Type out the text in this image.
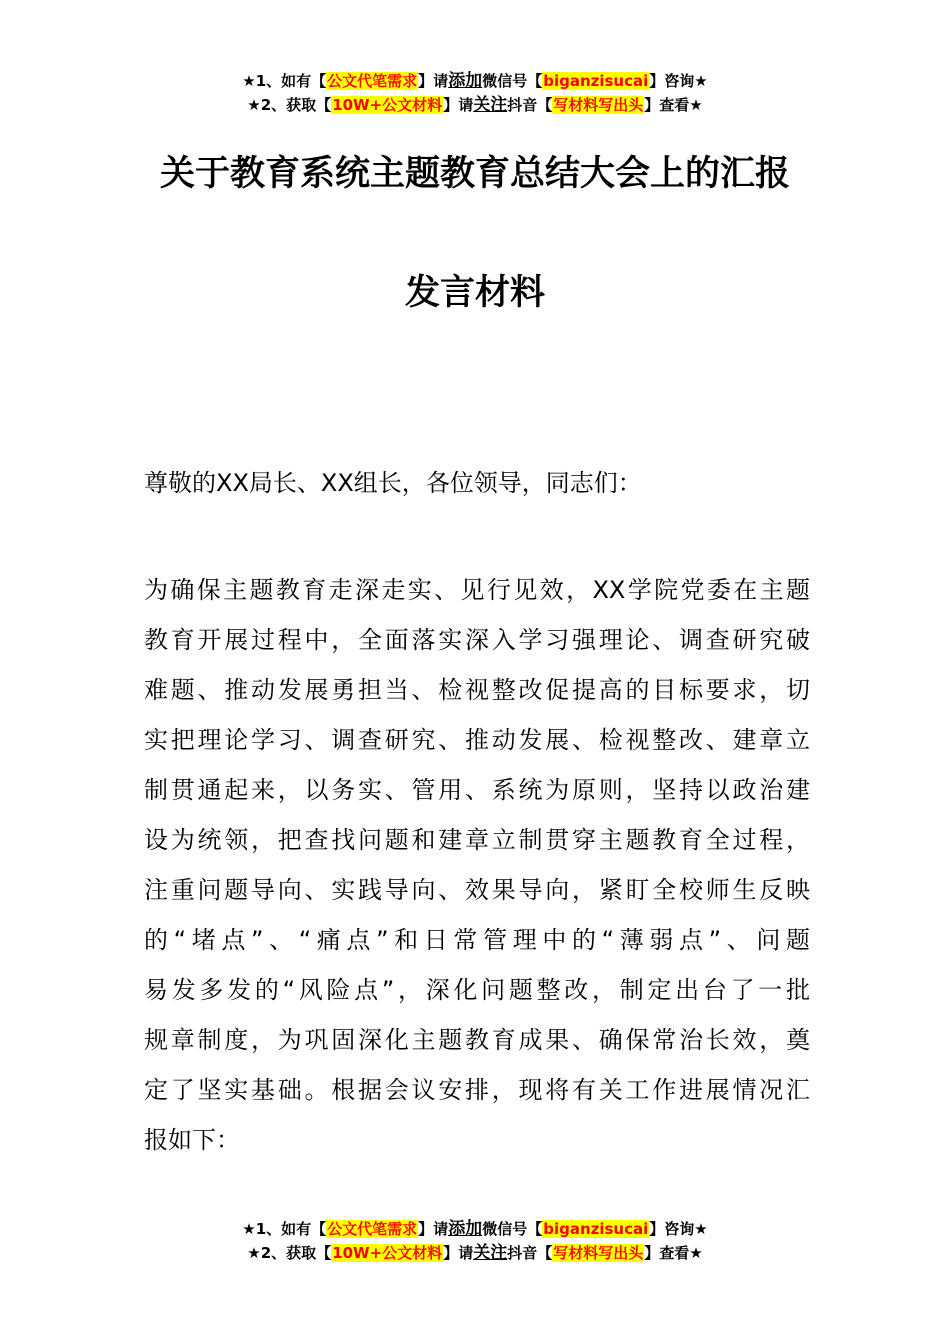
★1、如有【公文代笔需求】请添加微信号【biganzisucai】咨询★
★2、获取【10W+公文材料】请关注抖音【写材料写出头】查看★
关于教育系统主题教育总结大会上的汇报
发言材料
尊敬的XX局长、XX组长，各位领导，同志们：
为确保主题教育走深走实、见行见效，XX学院党委在主题
教育开展过程中，全面落实深入学习强理论、调查研究破
难题、推动发展勇担当、检视整改促提高的目标要求，切
实把理论学习、调查研究、推动发展、检视整改、建章立
制贯通起来，以务实、管用、系统为原则，坚持以政治建
设为统领，把查找问题和建章立制贯穿主题教育全过程，
注重问题导向、实践导向、效果导向，紧盯全校师生反映
的“堵点”、“痛点”和日常管理中的“薄弱点”、问题
易发多发的“风险点”，深化问题整改，制定出台了一批
规章制度，为巩固深化主题教育成果、确保常治长效，奠
定了坚实基础。根据会议安排，现将有关工作进展情况汇
报如下：
★1、如有【公文代笔需求】请添加微信号【biganzisucai】咨询★
★2、获取【10W+公文材料】请关注抖音【写材料写出头】查看★
